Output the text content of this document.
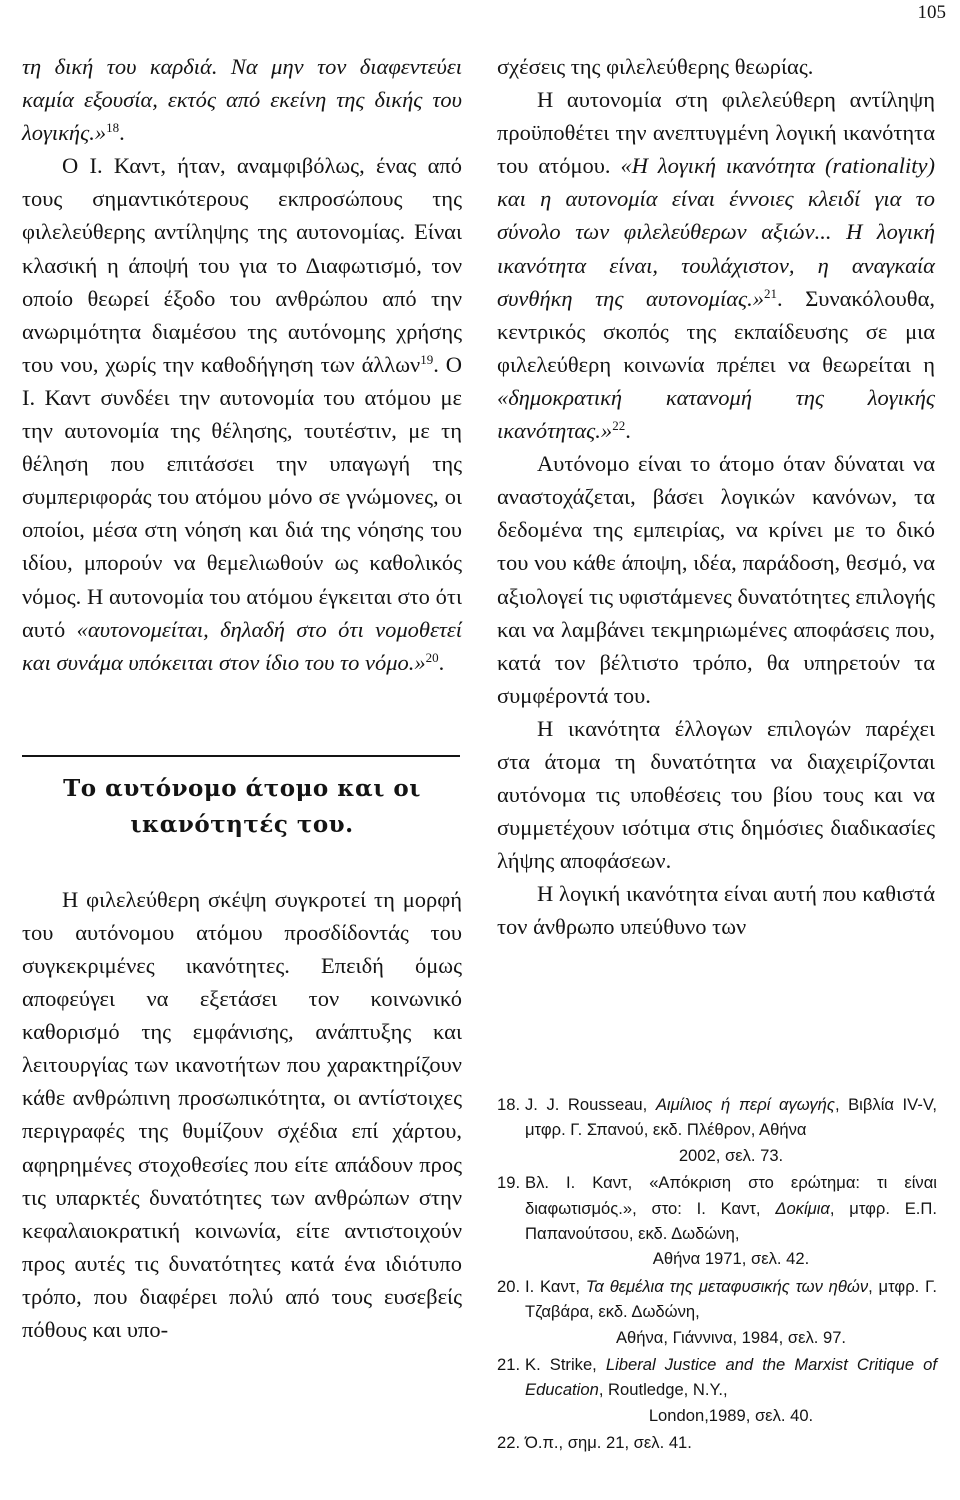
105

τη δική του καρδιά. Να μην τον διαφεντεύει καμία εξουσία, εκτός από εκείνη της δικής του λογικής.»$^{18}$.

Ο Ι. Καντ, ήταν, αναμφιβόλως, ένας από τους σημαντικότερους εκπροσώπους της φιλελεύθερης αντίληψης της αυτονομίας. Είναι κλασική η άποψή του για το Διαφωτισμό, τον οποίο θεωρεί έξοδο του ανθρώπου από την ανωριμότητα διαμέσου της αυτόνομης χρήσης του νου, χωρίς την καθοδήγηση των άλλων$^{19}$. Ο Ι. Καντ συνδέει την αυτονομία του ατόμου με την αυτονομία της θέλησης, τουτέστιν, με τη θέληση που επιτάσσει την υπαγωγή της συμπεριφοράς του ατόμου μόνο σε γνώμονες, οι οποίοι, μέσα στη νόηση και διά της νόησης του ιδίου, μπορούν να θεμελιωθούν ως καθολικός νόμος. Η αυτονομία του ατόμου έγκειται στο ότι αυτό «αυτονομείται, δηλαδή στο ότι νομοθετεί και συνάμα υπόκειται στον ίδιο του το νόμο.»$^{20}$.

Το αυτόνομο άτομο και οι
ικανότητές του.

Η φιλελεύθερη σκέψη συγκροτεί τη μορφή του αυτόνομου ατόμου προσδίδοντάς του συγκεκριμένες ικανότητες. Επειδή όμως αποφεύγει να εξετάσει τον κοινωνικό καθορισμό της εμφάνισης, ανάπτυξης και λειτουργίας των ικανοτήτων που χαρακτηρίζουν κάθε ανθρώπινη προσωπικότητα, οι αντίστοιχες περιγραφές της θυμίζουν σχέδια επί χάρτου, αφηρημένες στοχοθεσίες που είτε απάδουν προς τις υπαρκτές δυνατότητες των ανθρώπων στην κεφαλαιοκρατική κοινωνία, είτε αντιστοιχούν προς αυτές τις δυνατότητες κατά ένα ιδιότυπο τρόπο, που διαφέρει πολύ από τους ευσεβείς πόθους και υπο-

σχέσεις της φιλελεύθερης θεωρίας.

Η αυτονομία στη φιλελεύθερη αντίληψη προϋποθέτει την ανεπτυγμένη λογική ικανότητα του ατόμου. «Η λογική ικανότητα (rationality) και η αυτονομία είναι έννοιες κλειδί για το σύνολο των φιλελεύθερων αξιών... Η λογική ικανότητα είναι, τουλάχιστον, η αναγκαία συνθήκη της αυτονομίας.»$^{21}$. Συνακόλουθα, κεντρικός σκοπός της εκπαίδευσης σε μια φιλελεύθερη κοινωνία πρέπει να θεωρείται η «δημοκρατική κατανομή της λογικής ικανότητας.»$^{22}$.

Αυτόνομο είναι το άτομο όταν δύναται να αναστοχάζεται, βάσει λογικών κανόνων, τα δεδομένα της εμπειρίας, να κρίνει με το δικό του νου κάθε άποψη, ιδέα, παράδοση, θεσμό, να αξιολογεί τις υφιστάμενες δυνατότητες επιλογής και να λαμβάνει τεκμηριωμένες αποφάσεις που, κατά τον βέλτιστο τρόπο, θα υπηρετούν τα συμφέροντά του.

Η ικανότητα έλλογων επιλογών παρέχει στα άτομα τη δυνατότητα να διαχειρίζονται αυτόνομα τις υποθέσεις του βίου τους και να συμμετέχουν ισότιμα στις δημόσιες διαδικασίες λήψης αποφάσεων.

Η λογική ικανότητα είναι αυτή που καθιστά τον άνθρωπο υπεύθυνο των

18. J. J. Rousseau, Αιμίλιος ή περί αγωγής, Βιβλία IV-V, μτφρ. Γ. Σπανού, εκδ. Πλέθρον, Αθήνα
2002, σελ. 73.
19. Βλ. Ι. Καντ, «Απόκριση στο ερώτημα: τι είναι διαφωτισμός.», στο: Ι. Καντ, Δοκίμια, μτφρ. Ε.Π. Παπανούτσου, εκδ. Δωδώνη,
Αθήνα 1971, σελ. 42.
20. Ι. Καντ, Τα θεμέλια της μεταφυσικής των ηθών, μτφρ. Γ. Τζαβάρα, εκδ. Δωδώνη,
Αθήνα, Γιάννινα, 1984, σελ. 97.
21. K. Strike, Liberal Justice and the Marxist Critique of Education, Routledge, N.Y.,
London,1989, σελ. 40.
22. Ό.π., σημ. 21, σελ. 41.
